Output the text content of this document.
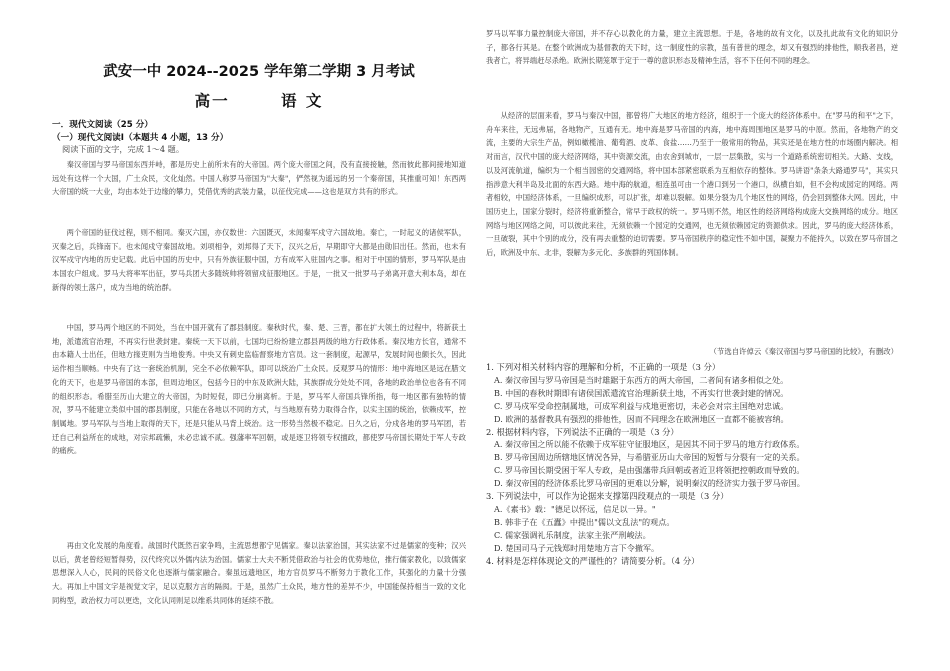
武安一中 2024--2025 学年第二学期 3 月考试
高一	语 文
一．现代文阅读（25 分）
（一）现代文阅读Ⅰ（本题共 4 小题，13 分）
阅读下面的文字，完成 1～4 题。
秦汉帝国与罗马帝国东西并峙，都是历史上前所未有的大帝国。两个庞大帝国之间，没有直接接触，然而彼此都间接地知道远处有这样一个大国，广土众民，文化灿然。中国人称罗马帝国为"大秦"，俨然视为遥远的另一个秦帝国，其推重可知！东西两大帝国的统一大业，均由本处于边缘的攀力，凭借优秀的武装力量，以征伐完成——这也是双方共有的形式。
两个帝国的征伐过程，则不相同。秦灭六国，亦仅数世：六国既灭，未闻秦军戍守六国故地。秦亡，一时起义的诸侯军队，灭秦之后，兵锋南下。也未闻戍守秦国故地。刘项相争，刘邦得了天下，汉兴之后，早期即守大都是由勋旧出任。然而，也未有汉军戍守内地的历史记载。此后中国的历史中，只有外族征服中国，方有成军入驻国内之事。相对于中国的情形，罗马军队是由本国农户组成。罗马大将率军出征，罗马兵团大多随统帅将领留戍征服地区。于是，一批又一批罗马子弟离开意大利本岛，却在新得的领土落户，成为当地的统治群。
中国，罗马两个地区的不同处，当在中国开就有了郡县制度。秦秋时代，秦、楚、三晋，都在扩大领土的过程中，将新获土地，派遣流官治理，不再实行世袭封建。秦统一天下以前，七国均已纷纷建立郡县两级的地方行政体系。秦汉地方长官，通常不由本籍人士出任，但地方掾吏则为当地俊秀。中央又有刺史监临督察地方官员。这一套制度，起源早，发展时间也颇长久，因此运作相当顺畅。中央有了这一套统治机制，完全不必依赖军队，即可以统治广土众民。反观罗马的情形：地中海地区是远在腊文化的天下，也是罗马帝国的本部，但周边地区，包括今日的中东及欧洲大陆，其族群成分处处不同，各地的政治单位也各有不同的组织形态。希腊至历山大建立的大帝国，为时短促，即已分崩离析。于是，罗马军人帝国兵锋所指，每一地区都有独特的情况，罗马不能建立类似中国的郡县制度，只能在各地以不同的方式，与当地原有势力取得合作，以实主国的统治，依赖戍军，控制属地。罗马军队与当地上取得的天下，还是只能从马背上统治。这一形势当然极不稳定。日久之后，分戍各地的罗马军团，若迁自己利益所在的成地，对宗邦疏懒，未必忠诚不贰。强藩率军回朝，或是逐卫将领专权擅政，都使罗马帝国长期处于军人专政的痛疾。
再由文化发展的角度看。战国时代既然百家争鸣，主流思想都宁见儒家。秦以法家治国，其实法家不过是儒家的变种；汉兴以后，黄老曾经短暂得势，汉代终究以外儒内法为治国。儒家士大夫不断凭借政治与社会的优势地位，推行儒家教化，以致儒家思想深入人心，民间的民俗文化也逐渐与儒家融合。秦虽远遗地区，地方官员罗马不断努力于教化工作，其强化的力量十分强大。再加上中国文字是视觉文字，足以克服方言的隔阂。于是，虽然广土众民，地方性的差异不少，中国能保持相当一致的文化同构型，政治权力可以更迭，文化认同则足以维系共同体的延续不散。
罗马以军事力量控制庞大帝国，并不存心以教化的力量，建立主流思想。于是，各地的故有文化，以及扎此故有文化的知识分子，都各行其是。在整个欧洲成为基督教的天下时，这一制度性的宗教，虽有普世的理念，却又有强烈的排他性，顺我者昌，逆我者亡，将异端赶尽杀绝。欧洲长期笼罩于定于一尊的意识形态及精神生活，容不下任何不同的理念。
从经济的层面来看，罗马与秦汉中国，都曾将广大地区的地方经济，组织于一个庞大的经济体系中。在"罗马的和平"之下，舟车来往，无远弗届，各地物产，互通有无。地中海是罗马帝国的内海，地中海周围地区是罗马的中原。然而，各地物产的交流，主要的大宗生产品，例如橄榄油、葡萄酒、皮革、食盐……乃至于一般常用的物品，其实还是在地方性的市场圈内解决。相对而言，汉代中国的庞大经济网络，其中资源交流，由农舍到城市，一层一层集散，实与一个道路系统密切相关。大路、支线，以及河流航道，编织为一个相当园密的交通网络，将中国本部紧密联系为互相依存的整体。罗马讲语"条条大路通罗马"，其实只指涉意大利半岛及北面的东西大路。地中海的航道，相连虽可由一个港口到另一个港口，纵横自如，但不会构成园定的网络。两者相较，中国经济体系，一旦编织成形，可以扩张，却难以裂解。如果分裂为几个地区性的网络，仍会回到整体大网。因此，中国历史上，国家分裂时，经济将重新整合，常早于政权的统一。罗马则不然，地区性的经济网络构成庞大交换网络的成分。地区网络与地区网络之间，可以彼此来往，无须依赖一个园定的交通网，也无须依赖园定的资源供求。因此，罗马的庞大经济体系，一旦破裂，其中个别的成分，没有再去重整的迫切需要。罗马帝国秩序的稳定性不如中国，凝聚力不能持久，以致在罗马帝国之后，欧洲及中东、北非，裂解为多元化、多族群的列国体制。
（节选自许倬云《秦汉帝国与罗马帝国的比较》，有删改）
1. 下列对相关材料内容的理解和分析，不正确的一项是（3 分）
A. 秦汉帝国与罗马帝国是当时雄踞于东西方的两大帝国，二者间有诸多相似之处。
B. 中国的春秋时期即有诸侯国派遣流官治理新获土地，不再实行世袭封建的情况。
C. 罗马戍军受命控制属地，可成军利益与戍地更密切，未必会对宗主国绝对忠诚。
D. 欧洲的基督教具有强烈的排他性，因而不同理念在欧洲地区一直都不能被容纳。
2. 根据材料内容，下列说法不正确的一项是（3 分）
A. 秦汉帝国之所以能不依赖于戍军驻守征服地区，是因其不同于罗马的地方行政体系。
B. 罗马帝国周边所辖地区情况各异，与希腊亚历山大帝国的短暂与分裂有一定的关系。
C. 罗马帝国长期受困于军人专政，是由强藩带兵回朝或者近卫将领把控朝政而导致的。
D. 秦汉帝国的经济体系比罗马帝国的更难以分解，说明秦汉的经济实力强于罗马帝国。
3. 下列说法中，可以作为论据来支撑第四段观点的一项是（3 分）
A.《素书》载："德足以怀远，信足以一异。"
B. 韩非子在《五蠹》中提出"儒以文乱法"的观点。
C. 儒家强调礼乐制度，法家主张严刑峻法。
D. 楚国司马子元钱郑时用楚地方言下令撤军。
4. 材料是怎样体现论文的严谨性的？请简要分析。（4 分）
